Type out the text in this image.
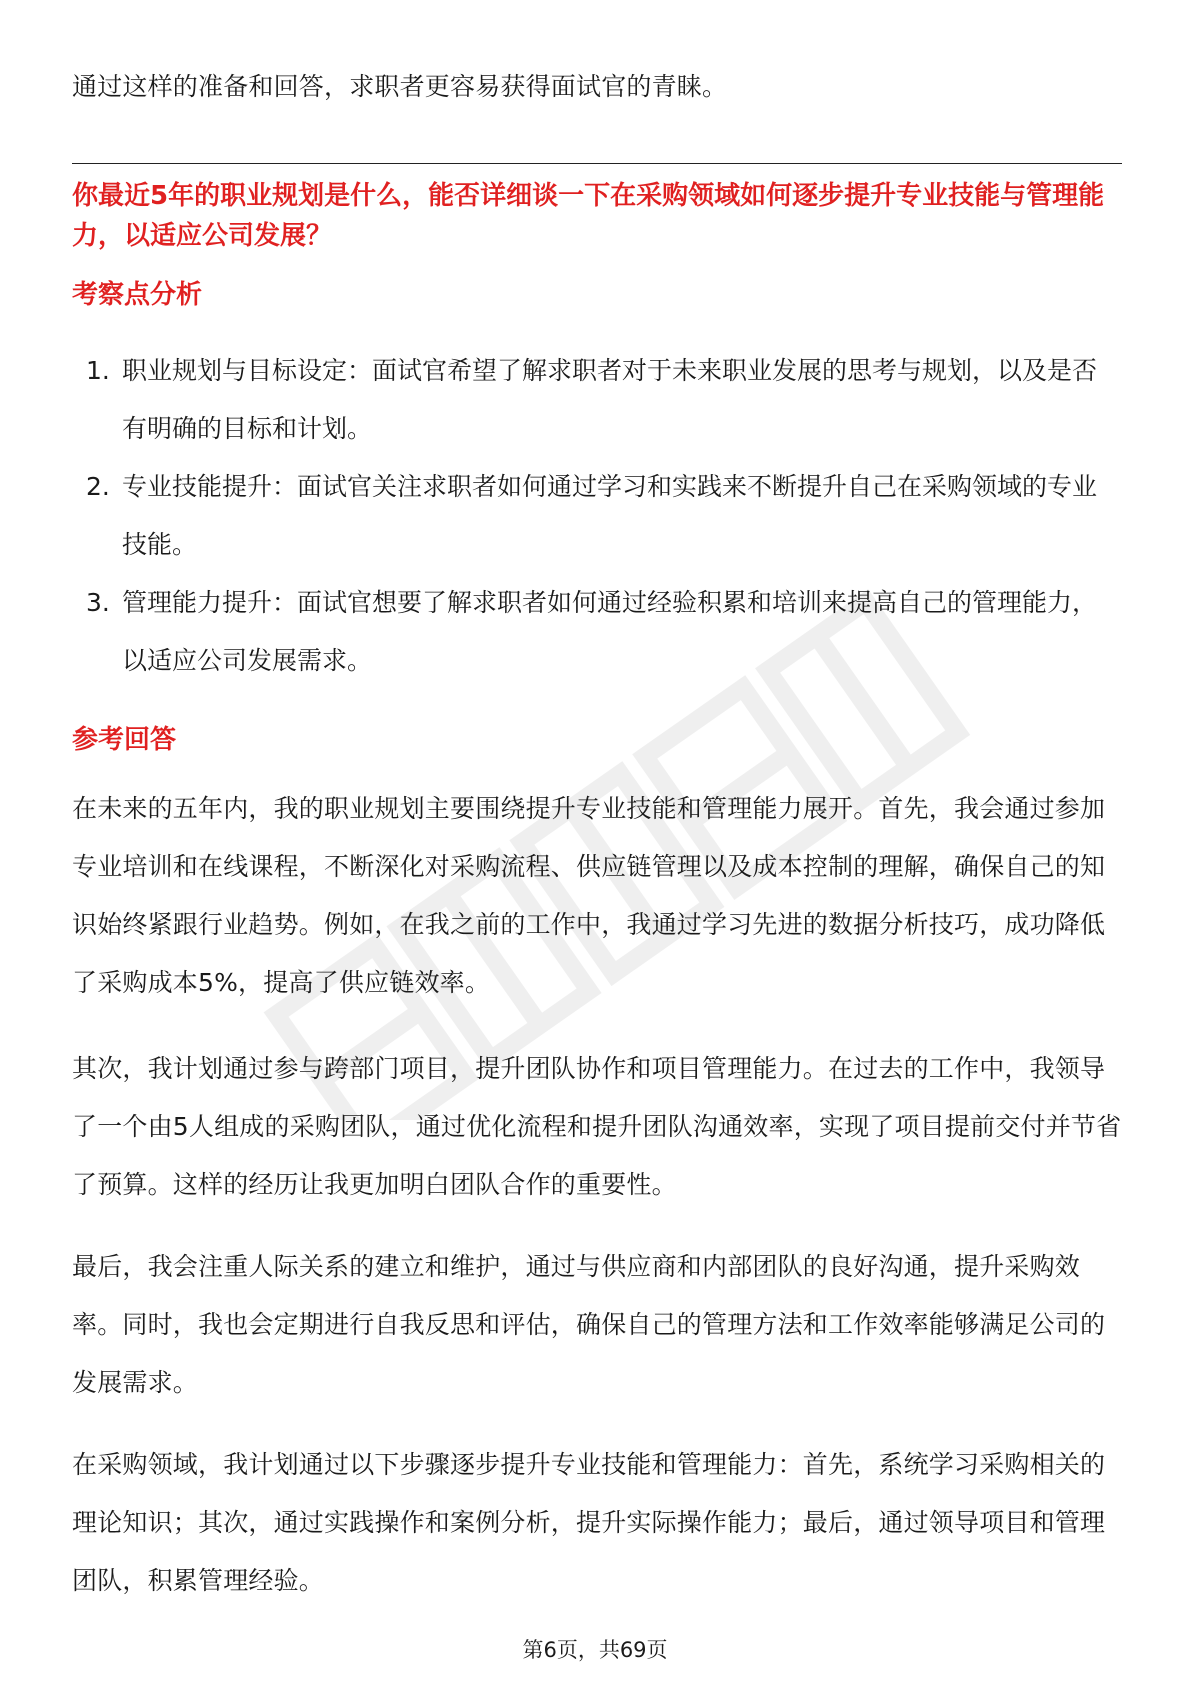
通过这样的准备和回答，求职者更容易获得面试官的青睐。

你最近5年的职业规划是什么，能否详细谈一下在采购领域如何逐步提升专业技能与管理能力，以适应公司发展？

考察点分析

1. 职业规划与目标设定：面试官希望了解求职者对于未来职业发展的思考与规划，以及是否有明确的目标和计划。
2. 专业技能提升：面试官关注求职者如何通过学习和实践来不断提升自己在采购领域的专业技能。
3. 管理能力提升：面试官想要了解求职者如何通过经验积累和培训来提高自己的管理能力，以适应公司发展需求。

参考回答

在未来的五年内，我的职业规划主要围绕提升专业技能和管理能力展开。首先，我会通过参加专业培训和在线课程，不断深化对采购流程、供应链管理以及成本控制的理解，确保自己的知识始终紧跟行业趋势。例如，在我之前的工作中，我通过学习先进的数据分析技巧，成功降低了采购成本5%，提高了供应链效率。

其次，我计划通过参与跨部门项目，提升团队协作和项目管理能力。在过去的工作中，我领导了一个由5人组成的采购团队，通过优化流程和提升团队沟通效率，实现了项目提前交付并节省了预算。这样的经历让我更加明白团队合作的重要性。

最后，我会注重人际关系的建立和维护，通过与供应商和内部团队的良好沟通，提升采购效率。同时，我也会定期进行自我反思和评估，确保自己的管理方法和工作效率能够满足公司的发展需求。

在采购领域，我计划通过以下步骤逐步提升专业技能和管理能力：首先，系统学习采购相关的理论知识；其次，通过实践操作和案例分析，提升实际操作能力；最后，通过领导项目和管理团队，积累管理经验。

第6页，共69页
